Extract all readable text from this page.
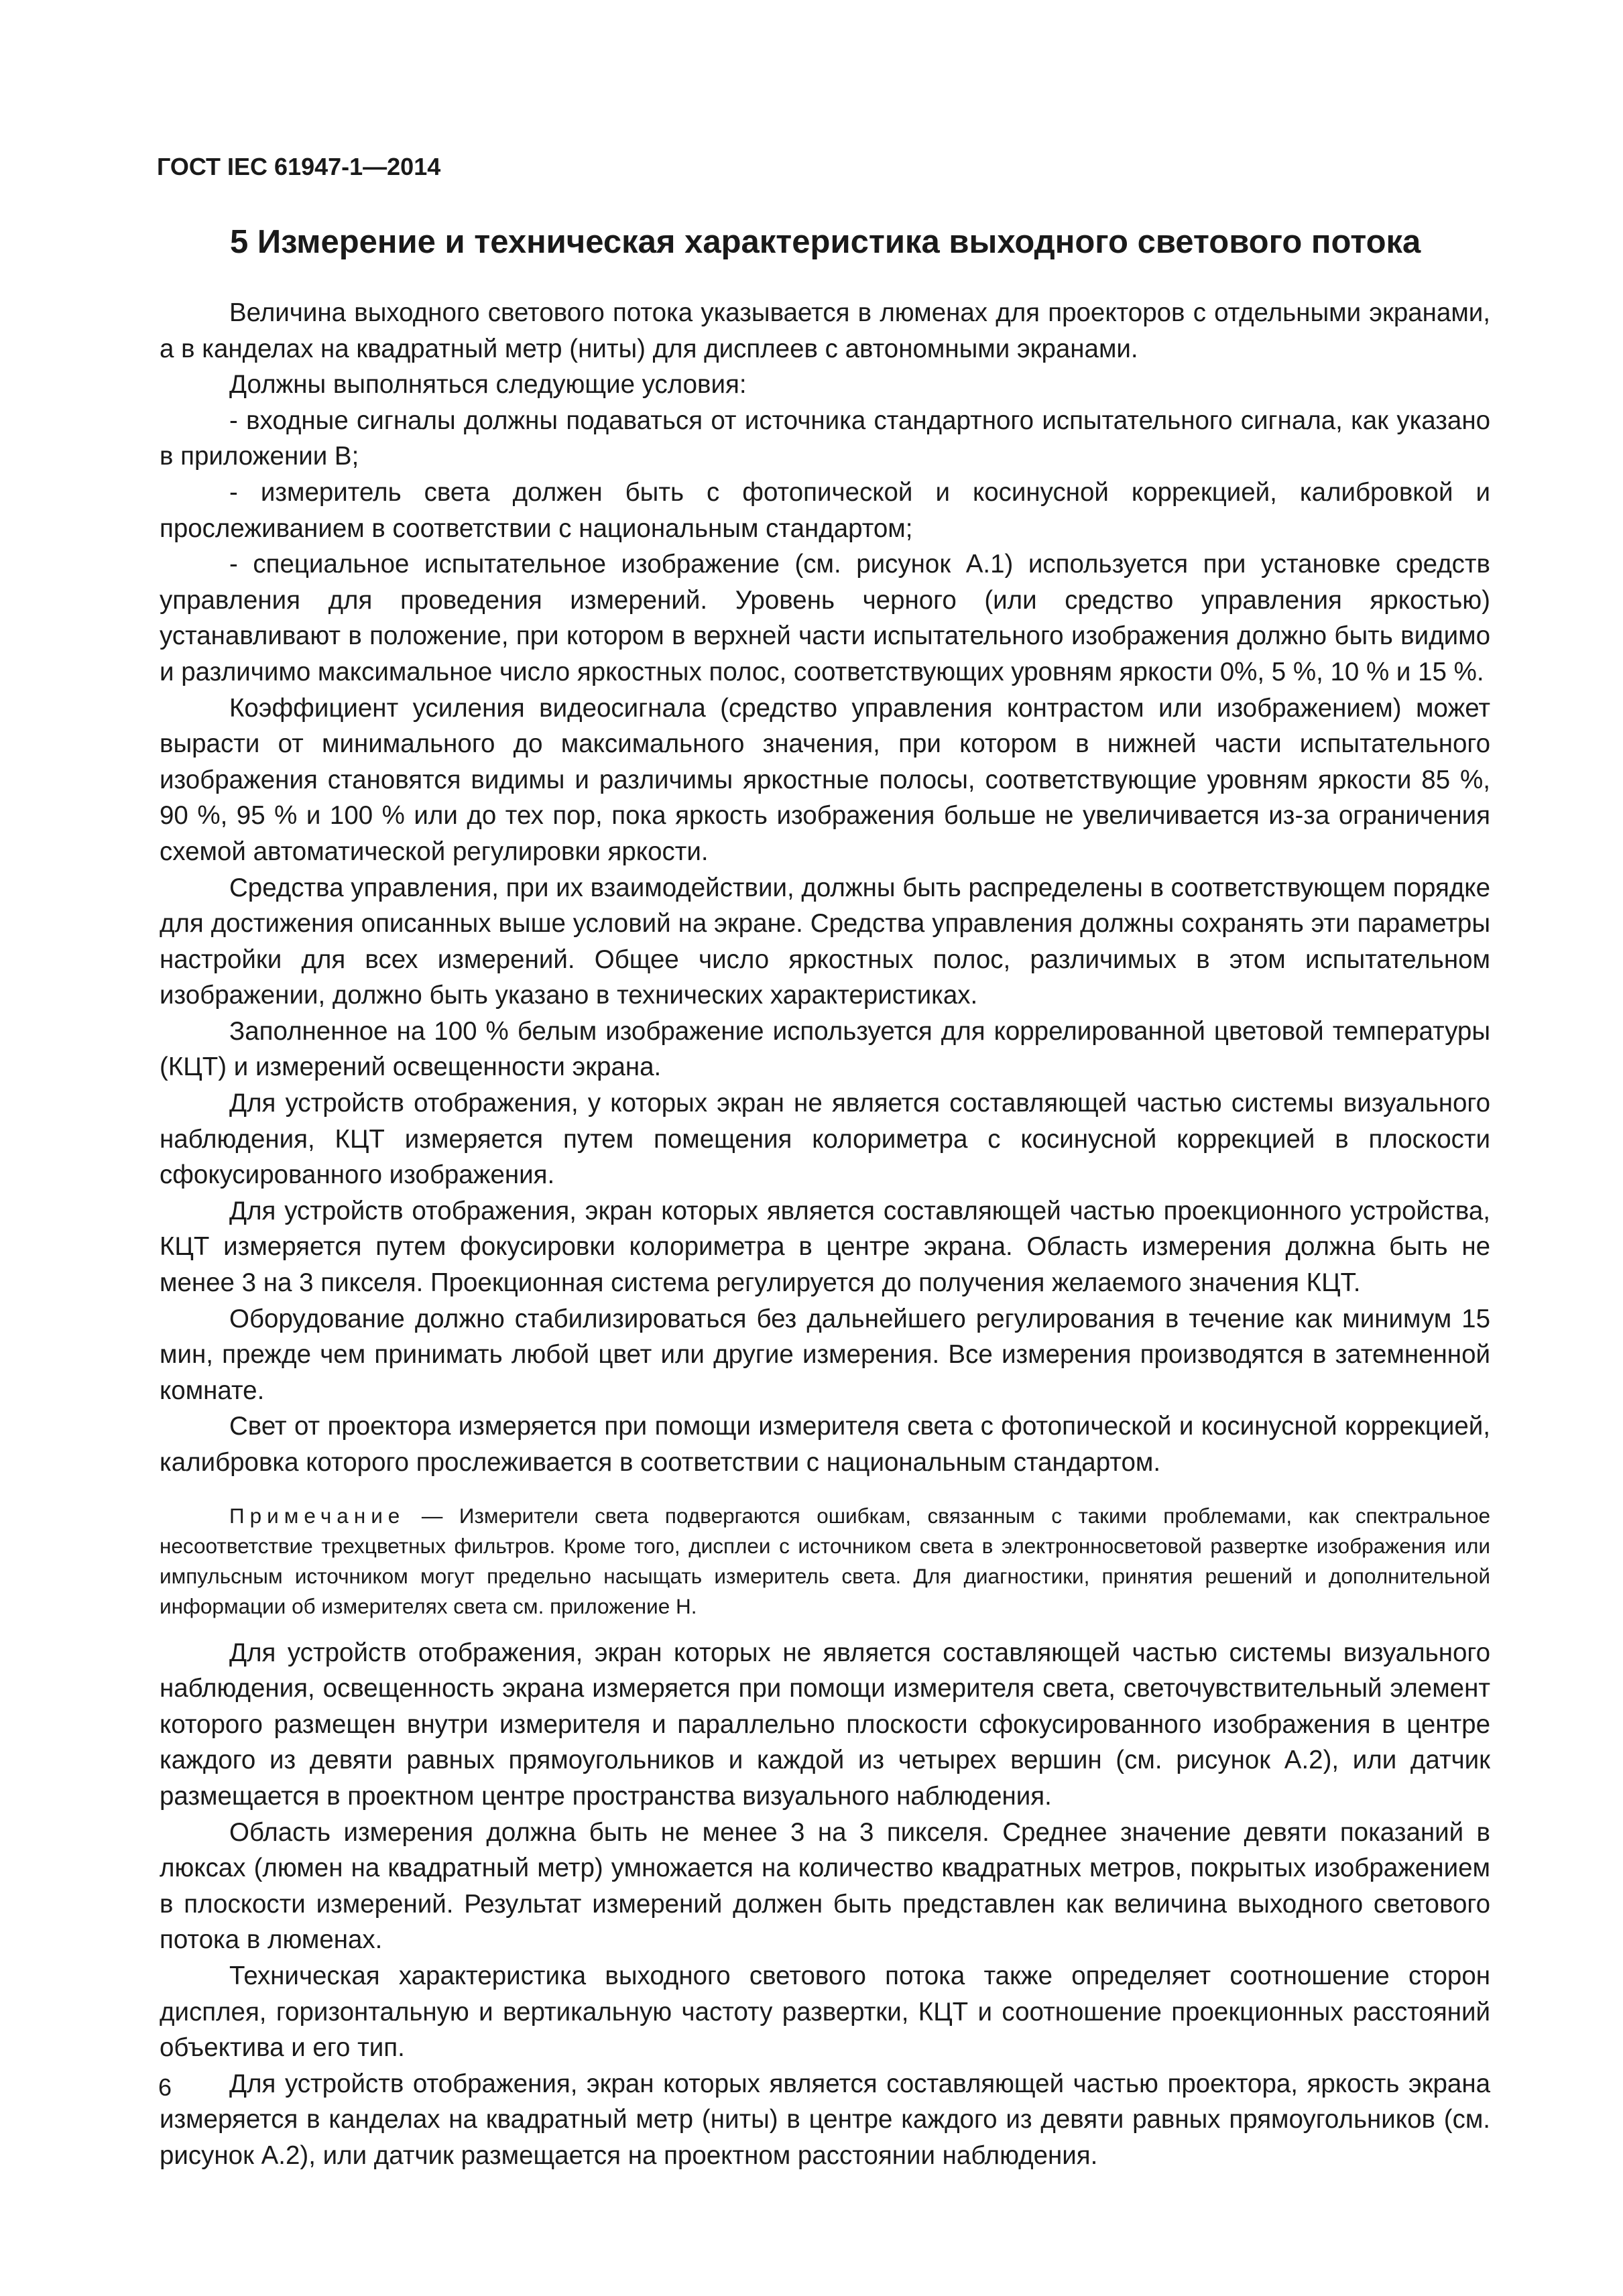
ГОСТ IEC 61947-1—2014
5 Измерение и техническая характеристика выходного светового потока

Величина выходного светового потока указывается в люменах для проекторов с отдельными экранами, а в канделах на квадратный метр (ниты) для дисплеев с автономными экранами.

Должны выполняться следующие условия:

- входные сигналы должны подаваться от источника стандартного испытательного сигнала, как указано в приложении В;

- измеритель света должен быть с фотопической и косинусной коррекцией, калибровкой и прослеживанием в соответствии с национальным стандартом;

- специальное испытательное изображение (см. рисунок А.1) используется при установке средств управления для проведения измерений. Уровень черного (или средство управления яркостью) устанавливают в положение, при котором в верхней части испытательного изображения должно быть видимо и различимо максимальное число яркостных полос, соответствующих уровням яркости 0%, 5 %, 10 % и 15 %.

Коэффициент усиления видеосигнала (средство управления контрастом или изображением) может вырасти от минимального до максимального значения, при котором в нижней части испытательного изображения становятся видимы и различимы яркостные полосы, соответствующие уровням яркости 85 %, 90 %, 95 % и 100 % или до тех пор, пока яркость изображения больше не увеличивается из-за ограничения схемой автоматической регулировки яркости.

Средства управления, при их взаимодействии, должны быть распределены в соответствующем порядке для достижения описанных выше условий на экране. Средства управления должны сохранять эти параметры настройки для всех измерений. Общее число яркостных полос, различимых в этом испытательном изображении, должно быть указано в технических характеристиках.

Заполненное на 100 % белым изображение используется для коррелированной цветовой температуры (КЦТ) и измерений освещенности экрана.

Для устройств отображения, у которых экран не является составляющей частью системы визуального наблюдения, КЦТ измеряется путем помещения колориметра с косинусной коррекцией в плоскости сфокусированного изображения.

Для устройств отображения, экран которых является составляющей частью проекционного устройства, КЦТ измеряется путем фокусировки колориметра в центре экрана. Область измерения должна быть не менее 3 на 3 пикселя. Проекционная система регулируется до получения желаемого значения КЦТ.

Оборудование должно стабилизироваться без дальнейшего регулирования в течение как минимум 15 мин, прежде чем принимать любой цвет или другие измерения. Все измерения производятся в затемненной комнате.

Свет от проектора измеряется при помощи измерителя света с фотопической и косинусной коррекцией, калибровка которого прослеживается в соответствии с национальным стандартом.

Примечание — Измерители света подвергаются ошибкам, связанным с такими проблемами, как спектральное несоответствие трехцветных фильтров. Кроме того, дисплеи с источником света в электронносветовой развертке изображения или импульсным источником могут предельно насыщать измеритель света. Для диагностики, принятия решений и дополнительной информации об измерителях света см. приложение Н.

Для устройств отображения, экран которых не является составляющей частью системы визуального наблюдения, освещенность экрана измеряется при помощи измерителя света, светочувствительный элемент которого размещен внутри измерителя и параллельно плоскости сфокусированного изображения в центре каждого из девяти равных прямоугольников и каждой из четырех вершин (см. рисунок А.2), или датчик размещается в проектном центре пространства визуального наблюдения.

Область измерения должна быть не менее 3 на 3 пикселя. Среднее значение девяти показаний в люксах (люмен на квадратный метр) умножается на количество квадратных метров, покрытых изображением в плоскости измерений. Результат измерений должен быть представлен как величина выходного светового потока в люменах.

Техническая характеристика выходного светового потока также определяет соотношение сторон дисплея, горизонтальную и вертикальную частоту развертки, КЦТ и соотношение проекционных расстояний объектива и его тип.

Для устройств отображения, экран которых является составляющей частью проектора, яркость экрана измеряется в канделах на квадратный метр (ниты) в центре каждого из девяти равных прямоугольников (см. рисунок А.2), или датчик размещается на проектном расстоянии наблюдения.

6
